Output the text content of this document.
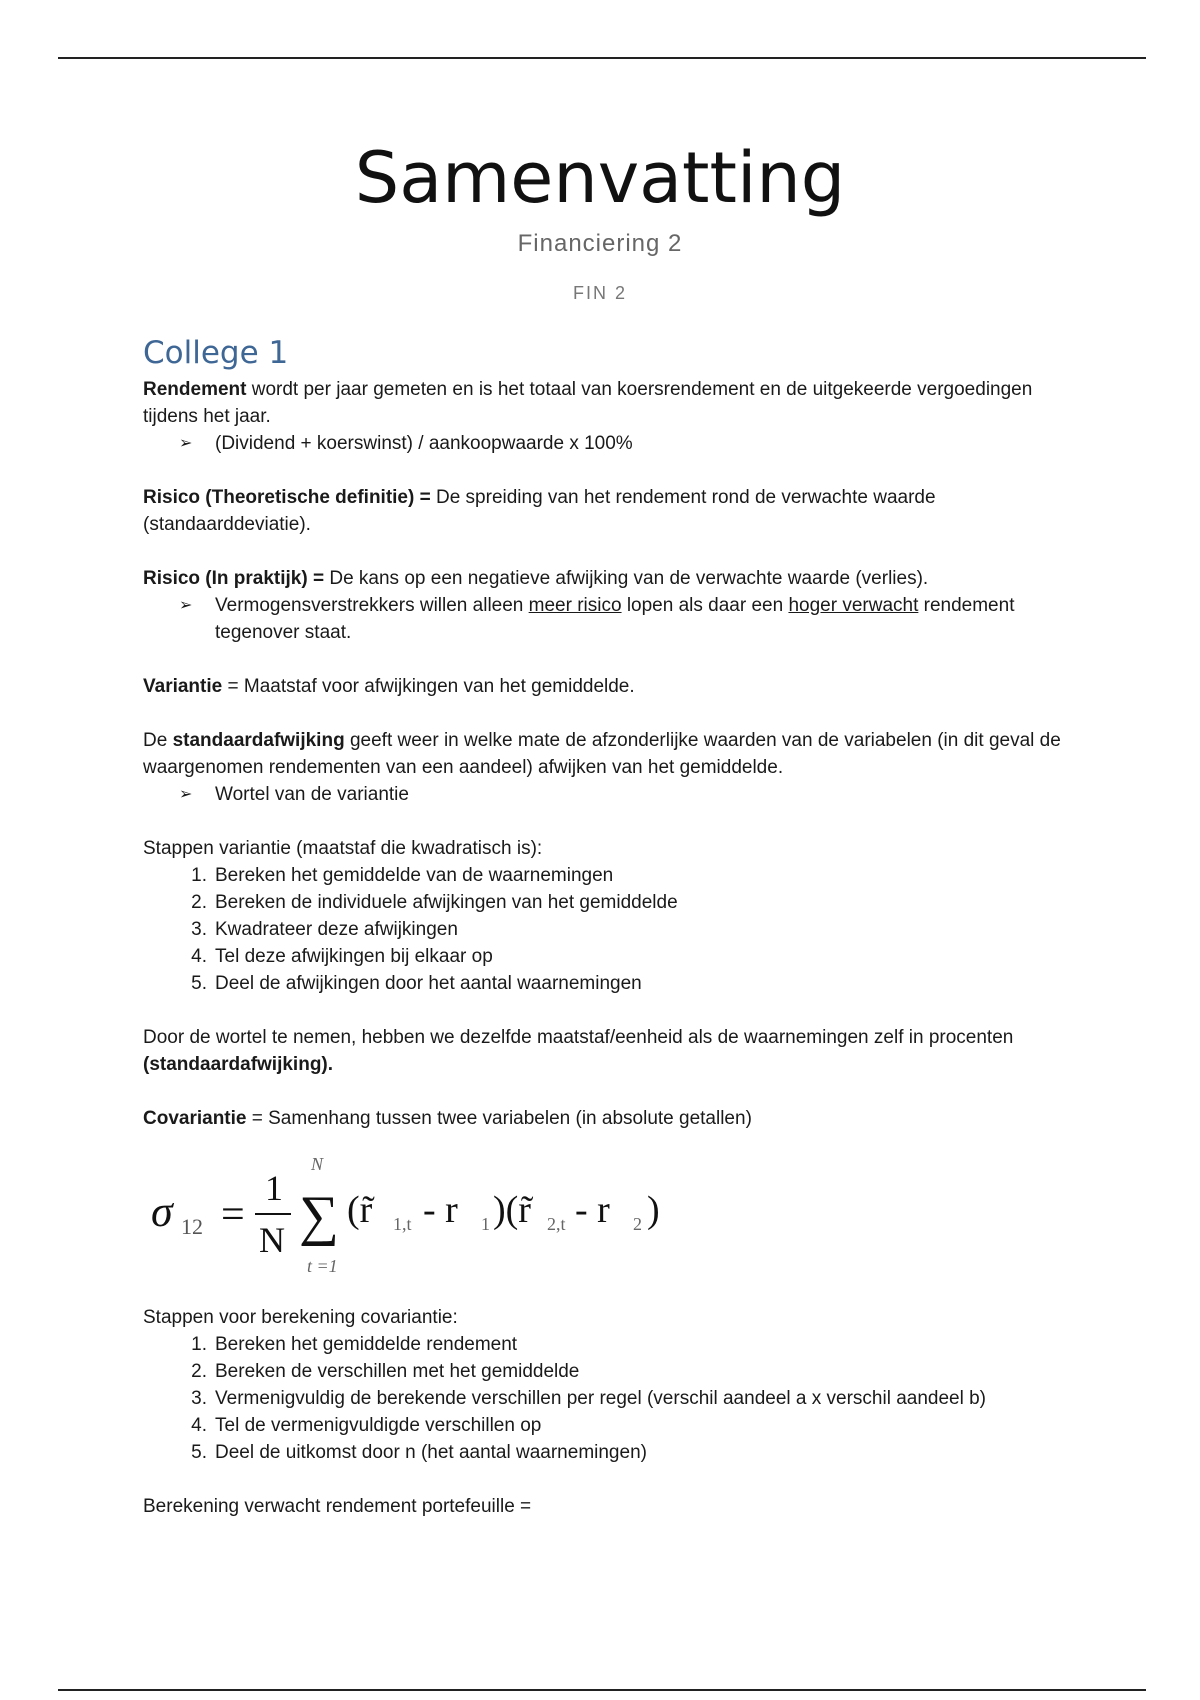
Samenvatting
Financiering 2
FIN 2
College 1

Rendement wordt per jaar gemeten en is het totaal van koersrendement en de uitgekeerde vergoedingen tijdens het jaar.

➢ (Dividend + koerswinst) / aankoopwaarde x 100%

Risico (Theoretische definitie) = De spreiding van het rendement rond de verwachte waarde (standaarddeviatie).

Risico (In praktijk) = De kans op een negatieve afwijking van de verwachte waarde (verlies).

➢ Vermogensverstrekkers willen alleen meer risico lopen als daar een hoger verwacht rendement tegenover staat.

Variantie = Maatstaf voor afwijkingen van het gemiddelde.

De standaardafwijking geeft weer in welke mate de afzonderlijke waarden van de variabelen (in dit geval de waargenomen rendementen van een aandeel) afwijken van het gemiddelde.

➢ Wortel van de variantie

Stappen variantie (maatstaf die kwadratisch is):

1. Bereken het gemiddelde van de waarnemingen
2. Bereken de individuele afwijkingen van het gemiddelde
3. Kwadrateer deze afwijkingen
4. Tel deze afwijkingen bij elkaar op
5. Deel de afwijkingen door het aantal waarnemingen

Door de wortel te nemen, hebben we dezelfde maatstaf/eenheid als de waarnemingen zelf in procenten (standaardafwijking).

Covariantie = Samenhang tussen twee variabelen (in absolute getallen)

σ 12 =
1
N
N
∑
t =1
(r̃ 1,t - r 1 )(r̃ 2,t - r 2 )

Stappen voor berekening covariantie:

1. Bereken het gemiddelde rendement
2. Bereken de verschillen met het gemiddelde
3. Vermenigvuldig de berekende verschillen per regel (verschil aandeel a x verschil aandeel b)
4. Tel de vermenigvuldigde verschillen op
5. Deel de uitkomst door n (het aantal waarnemingen)

Berekening verwacht rendement portefeuille =
